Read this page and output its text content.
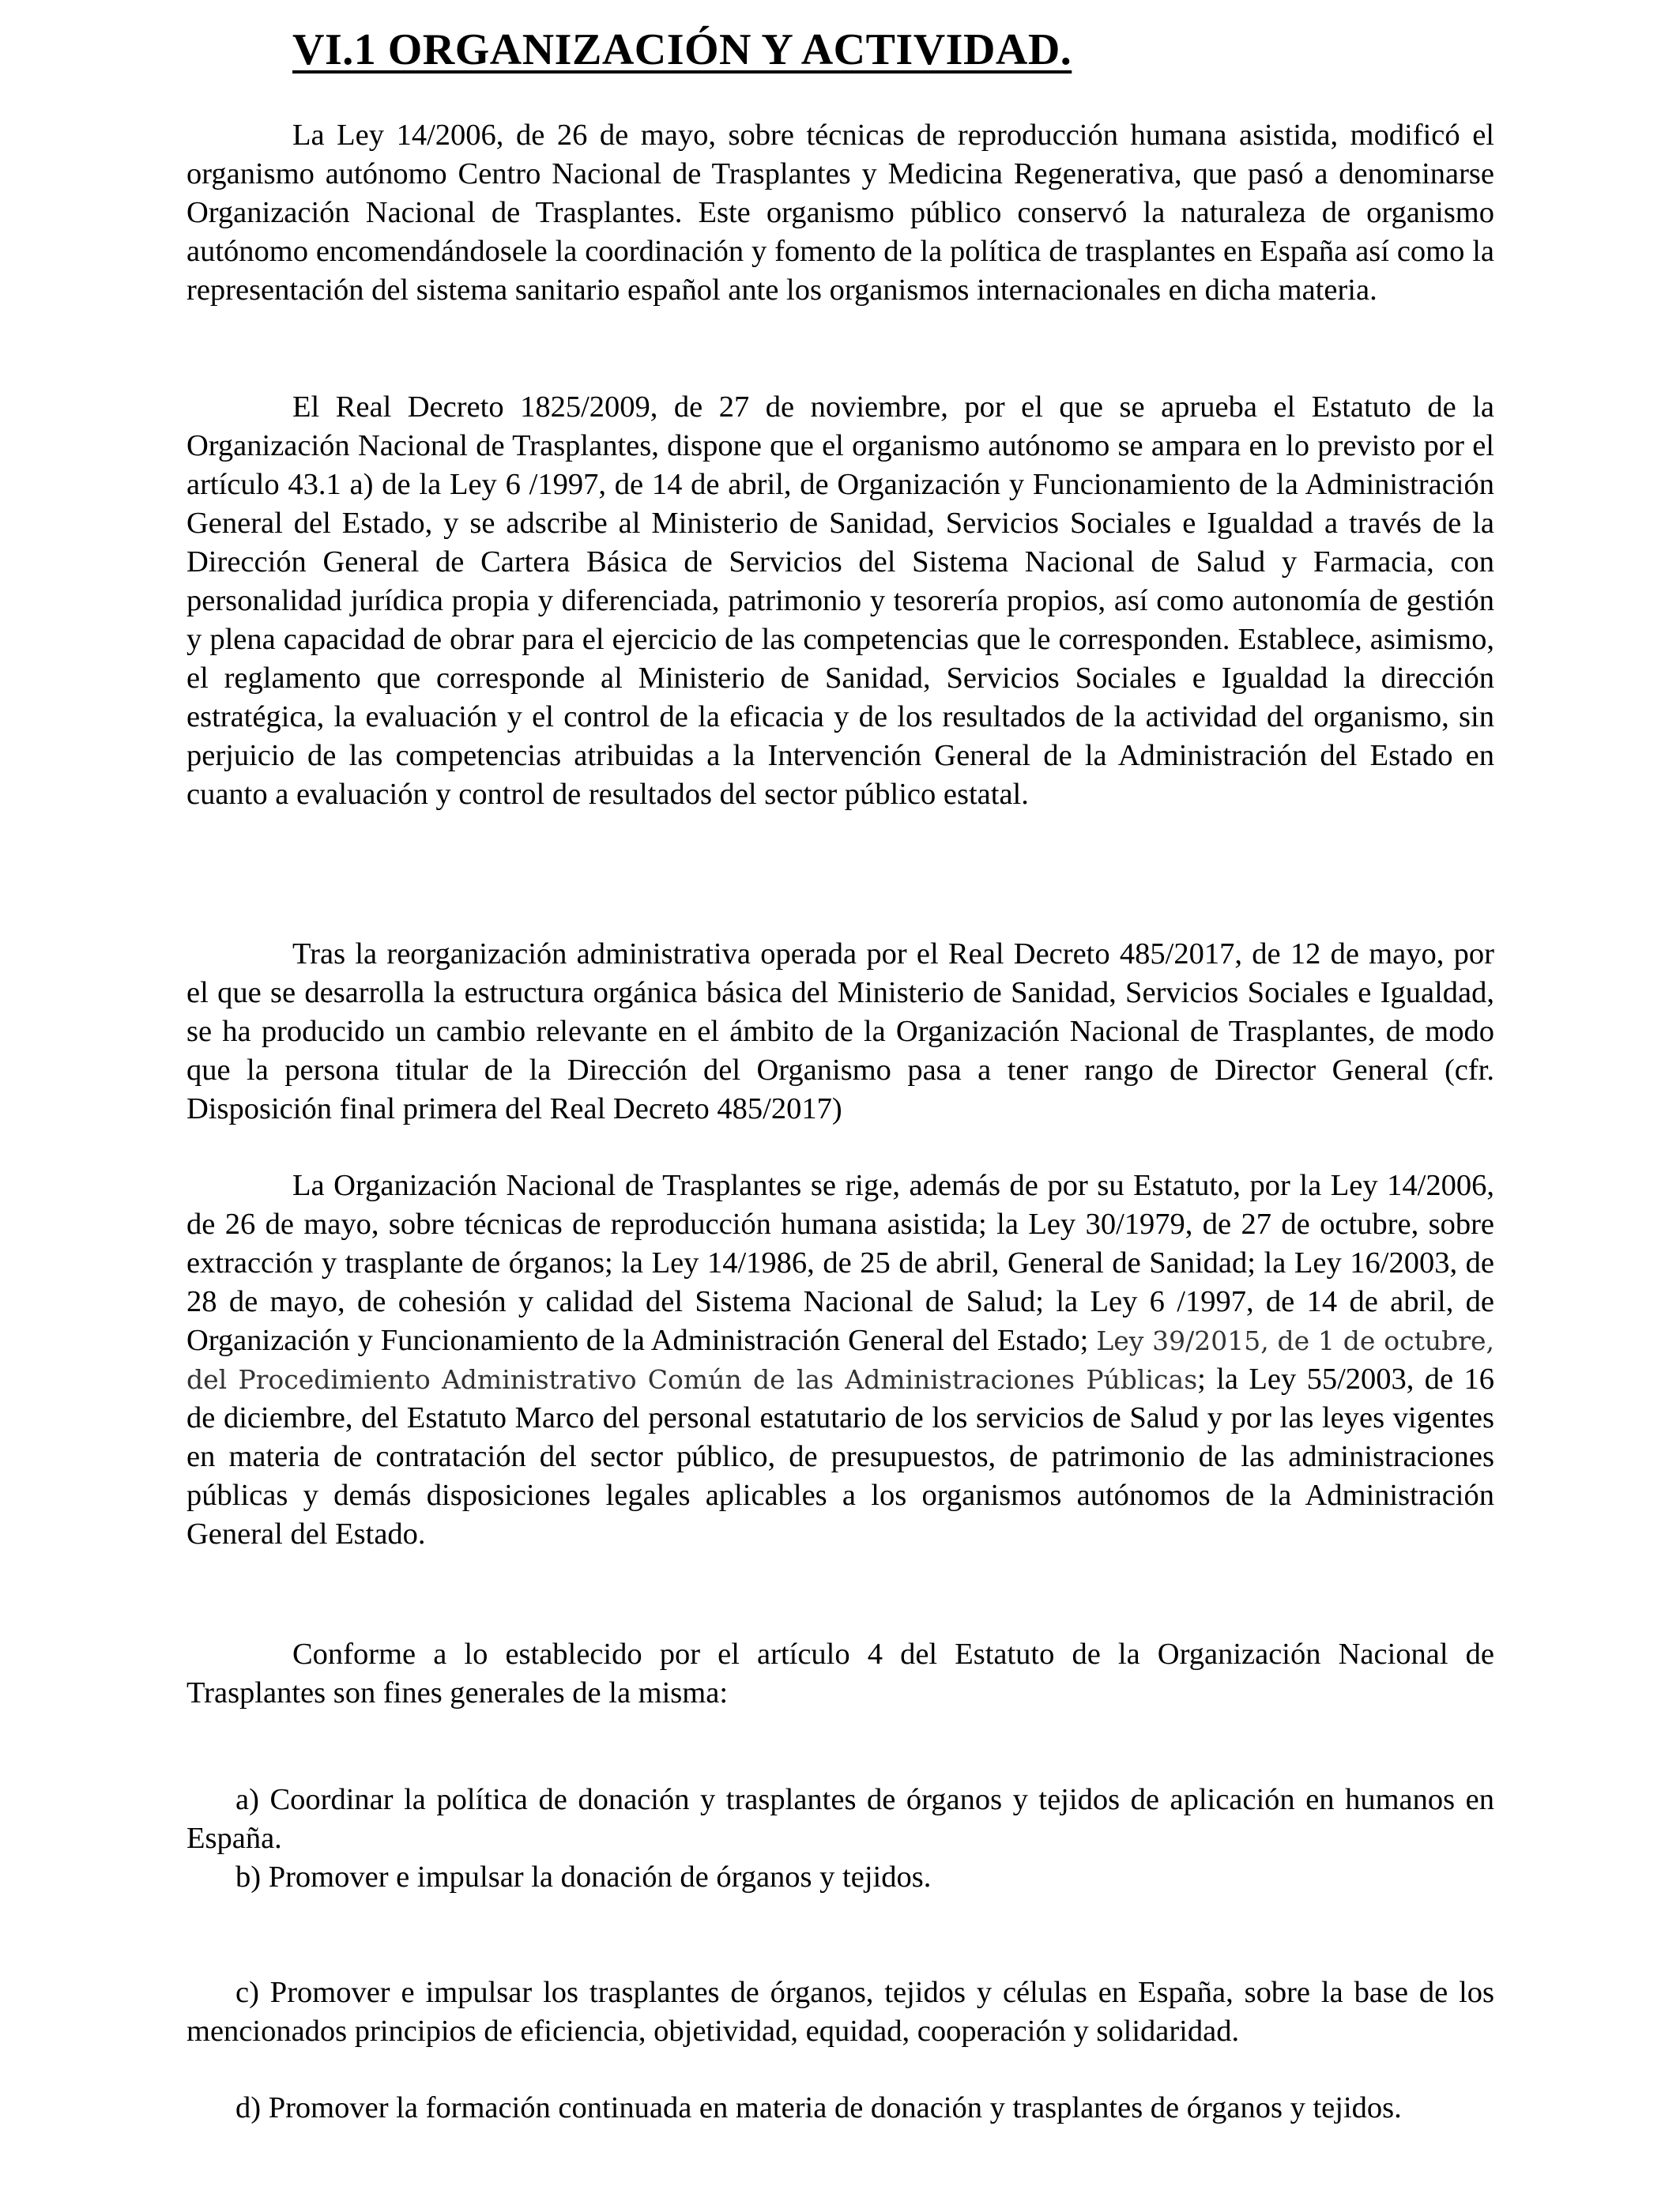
VI.1 ORGANIZACIÓN Y ACTIVIDAD.

La Ley 14/2006, de 26 de mayo, sobre técnicas de reproducción humana asistida, modificó el organismo autónomo Centro Nacional de Trasplantes y Medicina Regenerativa, que pasó a denominarse Organización Nacional de Trasplantes. Este organismo público conservó la naturaleza de organismo autónomo encomendándosele la coordinación y fomento de la política de trasplantes en España así como la representación del sistema sanitario español ante los organismos internacionales en dicha materia.

El Real Decreto 1825/2009, de 27 de noviembre, por el que se aprueba el Estatuto de la Organización Nacional de Trasplantes, dispone que el organismo autónomo se ampara en lo previsto por el artículo 43.1 a) de la Ley 6 /1997, de 14 de abril, de Organización y Funcionamiento de la Administración General del Estado, y se adscribe al Ministerio de Sanidad, Servicios Sociales e Igualdad a través de la Dirección General de Cartera Básica de Servicios del Sistema Nacional de Salud y Farmacia, con personalidad jurídica propia y diferenciada, patrimonio y tesorería propios, así como autonomía de gestión y plena capacidad de obrar para el ejercicio de las competencias que le corresponden. Establece, asimismo, el reglamento que corresponde al Ministerio de Sanidad, Servicios Sociales e Igualdad la dirección estratégica, la evaluación y el control de la eficacia y de los resultados de la actividad del organismo, sin perjuicio de las competencias atribuidas a la Intervención General de la Administración del Estado en cuanto a evaluación y control de resultados del sector público estatal.

Tras la reorganización administrativa operada por el Real Decreto 485/2017, de 12 de mayo, por el que se desarrolla la estructura orgánica básica del Ministerio de Sanidad, Servicios Sociales e Igualdad, se ha producido un cambio relevante en el ámbito de la Organización Nacional de Trasplantes, de modo que la persona titular de la Dirección del Organismo pasa a tener rango de Director General (cfr. Disposición final primera del Real Decreto 485/2017)

La Organización Nacional de Trasplantes se rige, además de por su Estatuto, por la Ley 14/2006, de 26 de mayo, sobre técnicas de reproducción humana asistida; la Ley 30/1979, de 27 de octubre, sobre extracción y trasplante de órganos; la Ley 14/1986, de 25 de abril, General de Sanidad; la Ley 16/2003, de 28 de mayo, de cohesión y calidad del Sistema Nacional de Salud; la Ley 6 /1997, de 14 de abril, de Organización y Funcionamiento de la Administración General del Estado; Ley 39/2015, de 1 de octubre, del Procedimiento Administrativo Común de las Administraciones Públicas; la Ley 55/2003, de 16 de diciembre, del Estatuto Marco del personal estatutario de los servicios de Salud y por las leyes vigentes en materia de contratación del sector público, de presupuestos, de patrimonio de las administraciones públicas y demás disposiciones legales aplicables a los organismos autónomos de la Administración General del Estado.

Conforme a lo establecido por el artículo 4 del Estatuto de la Organización Nacional de Trasplantes son fines generales de la misma:

a) Coordinar la política de donación y trasplantes de órganos y tejidos de aplicación en humanos en España.

b) Promover e impulsar la donación de órganos y tejidos.

c) Promover e impulsar los trasplantes de órganos, tejidos y células en España, sobre la base de los mencionados principios de eficiencia, objetividad, equidad, cooperación y solidaridad.

d) Promover la formación continuada en materia de donación y trasplantes de órganos y tejidos.
